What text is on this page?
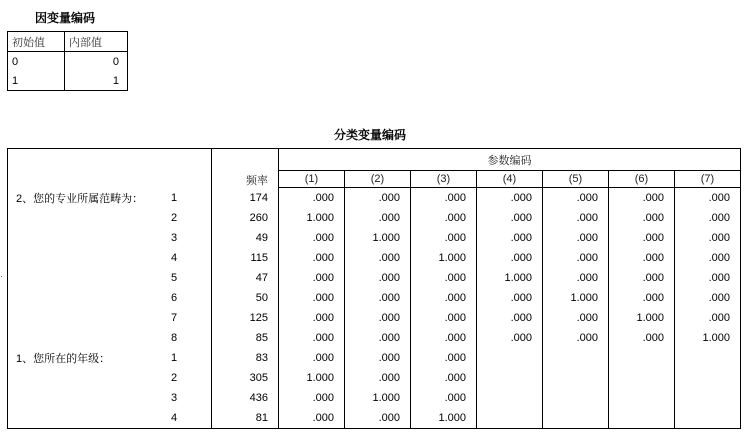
因变量编码
初始值	内部值
0	0
1	1
分类变量编码
·
		频率	参数编码						
			(1)	(2)	(3)	(4)	(5)	(6)	(7)
2、您的专业所属范畴为：	1	174	.000	.000	.000	.000	.000	.000	.000
	2	260	1.000	.000	.000	.000	.000	.000	.000
	3	49	.000	1.000	.000	.000	.000	.000	.000
	4	115	.000	.000	1.000	.000	.000	.000	.000
	5	47	.000	.000	.000	1.000	.000	.000	.000
	6	50	.000	.000	.000	.000	1.000	.000	.000
	7	125	.000	.000	.000	.000	.000	1.000	.000
	8	85	.000	.000	.000	.000	.000	.000	1.000
1、您所在的年级：	1	83	.000	.000	.000				
	2	305	1.000	.000	.000				
	3	436	.000	1.000	.000				
	4	81	.000	.000	1.000				
